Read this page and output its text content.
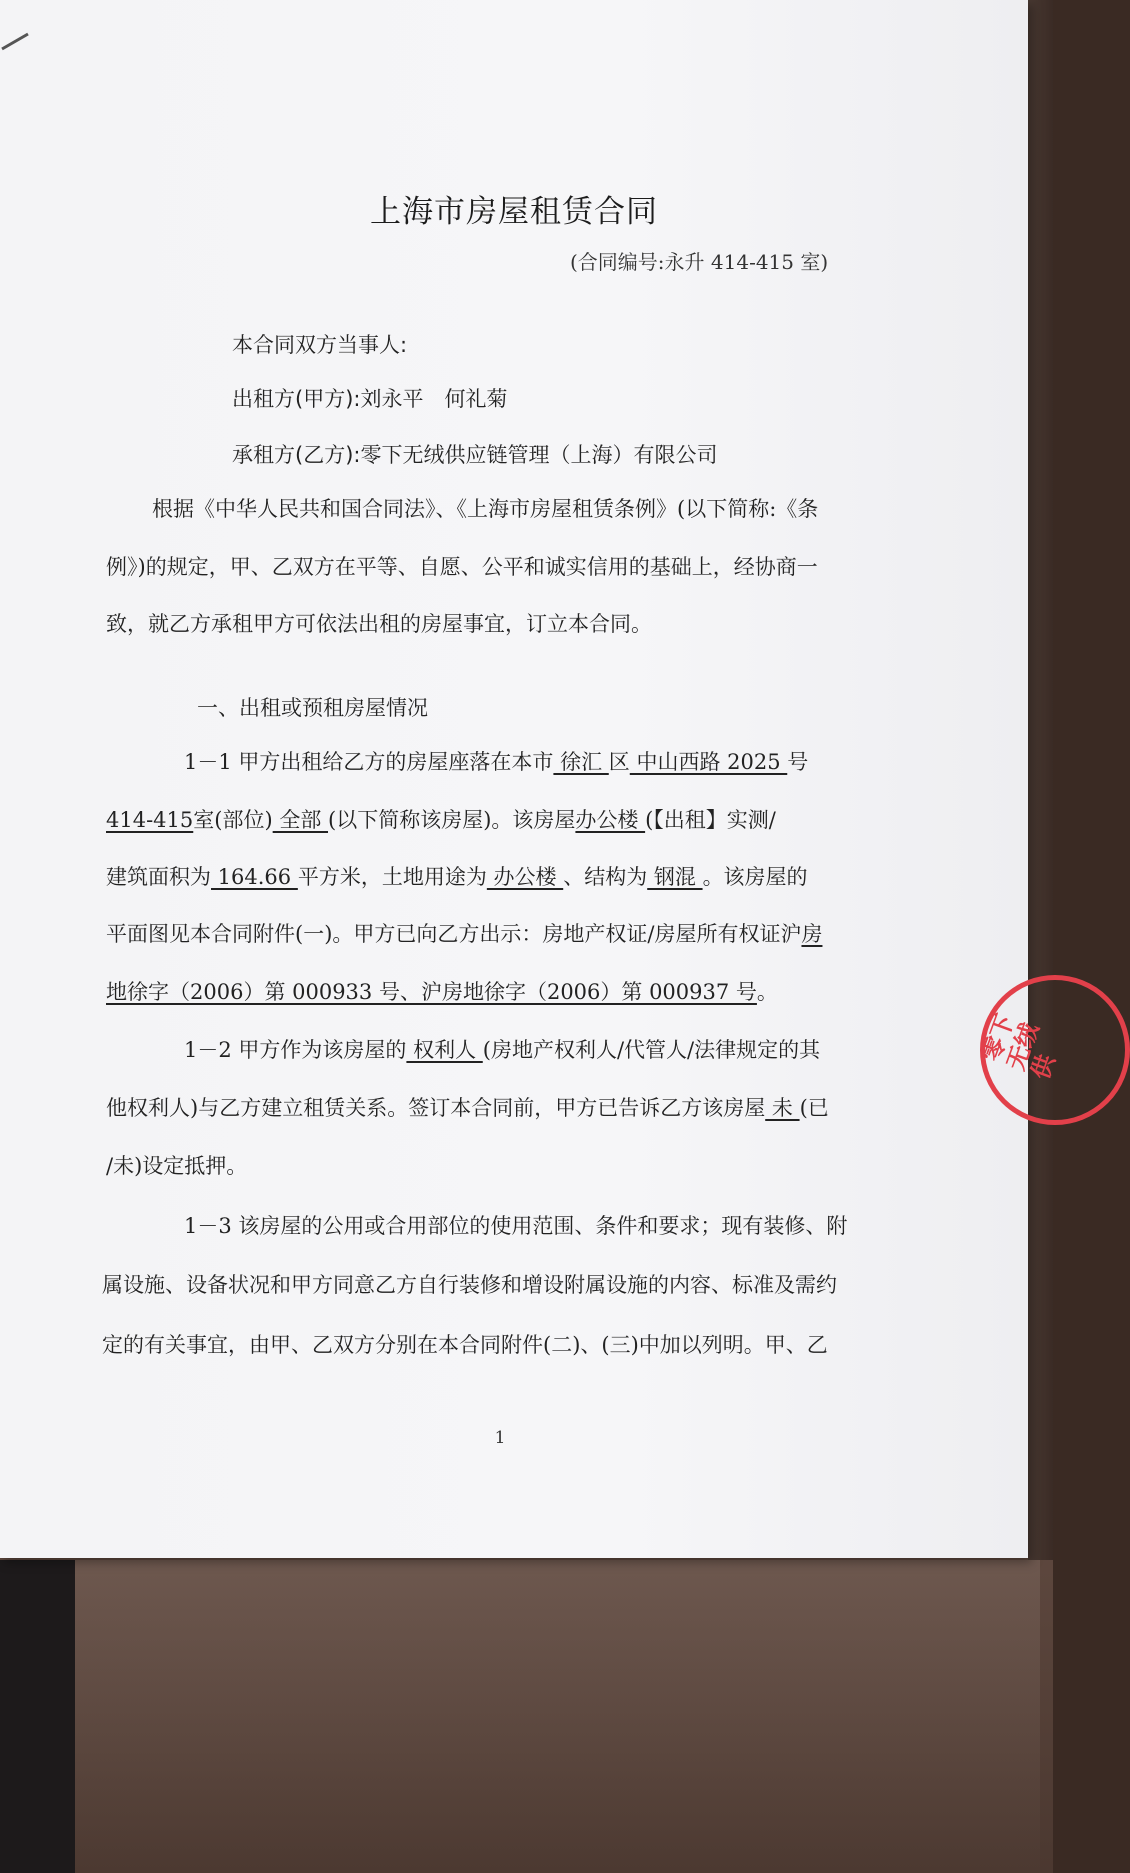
上海市房屋租赁合同
(合同编号:永升 414-415 室)
本合同双方当事人:
出租方(甲方):刘永平　何礼菊
承租方(乙方):零下无绒供应链管理（上海）有限公司
根据《中华人民共和国合同法》、《上海市房屋租赁条例》(以下简称:《条
例》)的规定，甲、乙双方在平等、自愿、公平和诚实信用的基础上，经协商一
致，就乙方承租甲方可依法出租的房屋事宜，订立本合同。
一、出租或预租房屋情况
1－1 甲方出租给乙方的房屋座落在本市 徐汇 区 中山西路 2025 号
414-415室(部位) 全部 (以下简称该房屋)。该房屋办公楼 (【出租】实测/
建筑面积为 164.66 平方米，土地用途为 办公楼 、结构为 钢混 。该房屋的
平面图见本合同附件(一)。甲方已向乙方出示：房地产权证/房屋所有权证沪房
地徐字（2006）第 000933 号、沪房地徐字（2006）第 000937 号。
1－2 甲方作为该房屋的 权利人 (房地产权利人/代管人/法律规定的其
他权利人)与乙方建立租赁关系。签订本合同前，甲方已告诉乙方该房屋 未 (已
/未)设定抵押。
1－3 该房屋的公用或合用部位的使用范围、条件和要求；现有装修、附
属设施、设备状况和甲方同意乙方自行装修和增设附属设施的内容、标准及需约
定的有关事宜，由甲、乙双方分别在本合同附件(二)、(三)中加以列明。甲、乙
1
零下无绒供
